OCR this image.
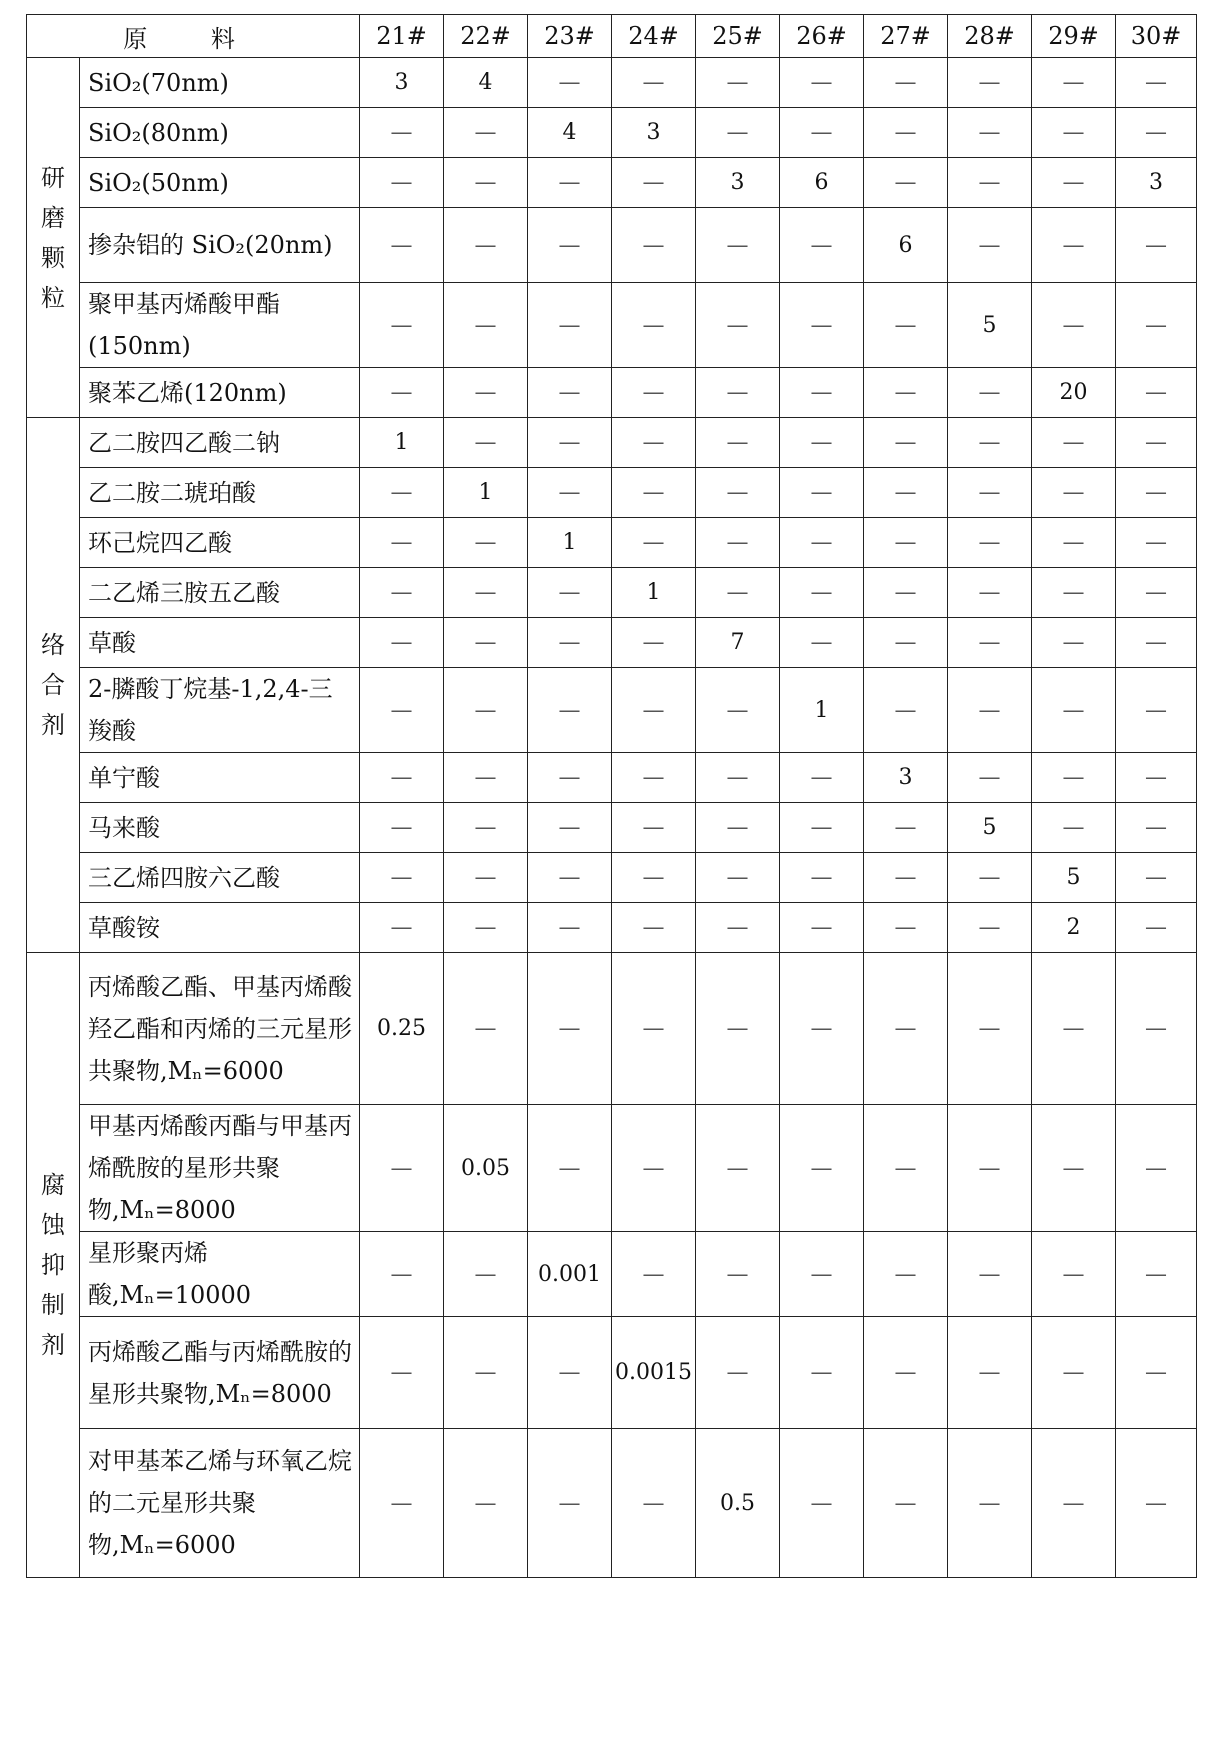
原 料		21#	22#	23#	24#	25#	26#	27#	28#	29#	30#

研
磨
颗
粒	SiO₂(70nm)	3	4	—	—	—	—	—	—	—	—
	SiO₂(80nm)	—	—	4	3	—	—	—	—	—	—
	SiO₂(50nm)	—	—	—	—	3	6	—	—	—	3
	掺杂铝的 SiO₂(20nm)	—	—	—	—	—	—	6	—	—	—
	聚甲基丙烯酸甲酯(150nm)	—	—	—	—	—	—	—	5	—	—
	聚苯乙烯(120nm)	—	—	—	—	—	—	—	—	20	—

络
合
剂	乙二胺四乙酸二钠	1	—	—	—	—	—	—	—	—	—
	乙二胺二琥珀酸	—	1	—	—	—	—	—	—	—	—
	环己烷四乙酸	—	—	1	—	—	—	—	—	—	—
	二乙烯三胺五乙酸	—	—	—	1	—	—	—	—	—	—
	草酸	—	—	—	—	7	—	—	—	—	—
	2-膦酸丁烷基-1,2,4-三羧酸	—	—	—	—	—	1	—	—	—	—
	单宁酸	—	—	—	—	—	—	3	—	—	—
	马来酸	—	—	—	—	—	—	—	5	—	—
	三乙烯四胺六乙酸	—	—	—	—	—	—	—	—	5	—
	草酸铵	—	—	—	—	—	—	—	—	2	—

腐
蚀
抑
制
剂	丙烯酸乙酯、甲基丙烯酸羟乙酯和丙烯的三元星形共聚物,Mₙ=6000	0.25	—	—	—	—	—	—	—	—	—
	甲基丙烯酸丙酯与甲基丙烯酰胺的星形共聚物,Mₙ=8000	—	0.05	—	—	—	—	—	—	—	—
	星形聚丙烯酸,Mₙ=10000	—	—	0.001	—	—	—	—	—	—	—
	丙烯酸乙酯与丙烯酰胺的星形共聚物,Mₙ=8000	—	—	—	0.0015	—	—	—	—	—	—
	对甲基苯乙烯与环氧乙烷的二元星形共聚物,Mₙ=6000	—	—	—	—	0.5	—	—	—	—	—
